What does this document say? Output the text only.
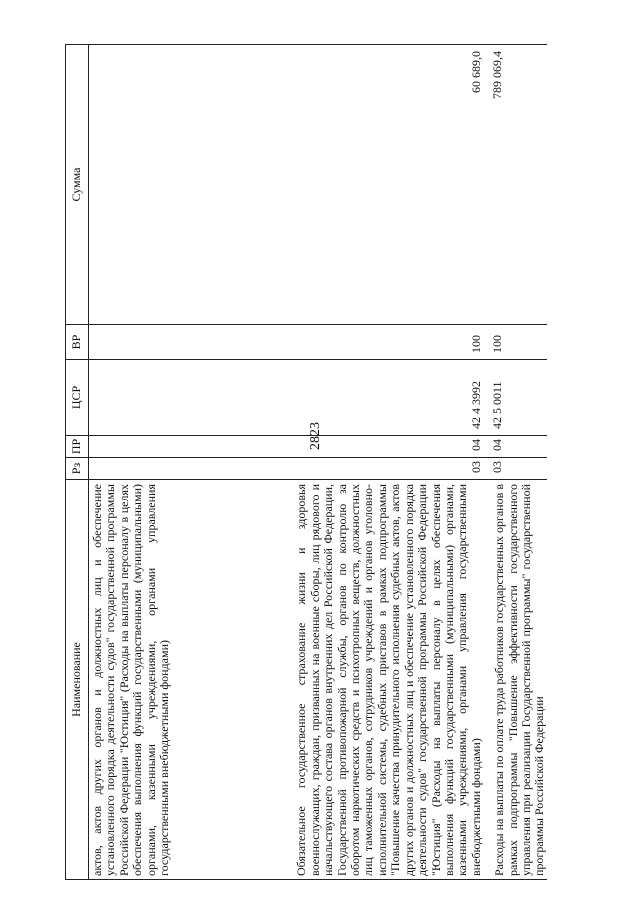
2823
Наименование	Рз	ПР	ЦСР	ВР	Сумма

актов, актов других органов и должностных лиц и обеспечение установленного порядка деятельности судов" государственной программы Российской Федерации "Юстиция" (Расходы на выплаты персоналу в целях обеспечения выполнения функций государственными (муниципальными) органами, казенными учреждениями, органами управления государственными внебюджетными фондами)					

Обязательное государственное страхование жизни и здоровья военнослужащих, граждан, призванных на военные сборы, лиц рядового и начальствующего состава органов внутренних дел Российской Федерации, Государственной противопожарной службы, органов по контролю за оборотом наркотических средств и психотропных веществ, должностных лиц таможенных органов, сотрудников учреждений и органов уголовно-исполнительной системы, судебных приставов в рамках подпрограммы "Повышение качества принудительного исполнения судебных актов, актов других органов и должностных лиц и обеспечение установленного порядка деятельности судов" государственной программы Российской Федерации "Юстиция" (Расходы на выплаты персоналу в целях обеспечения выполнения функций государственными (муниципальными) органами, казенными учреждениями, органами управления государственными внебюджетными фондами)	03	04	42 4 3992	100	60 689,0

Расходы на выплаты по оплате труда работников государственных органов в рамках подпрограммы "Повышение эффективности государственного управления при реализации Государственной программы" государственной программы Российской Федерации	03	04	42 5 0011	100	789 069,4
